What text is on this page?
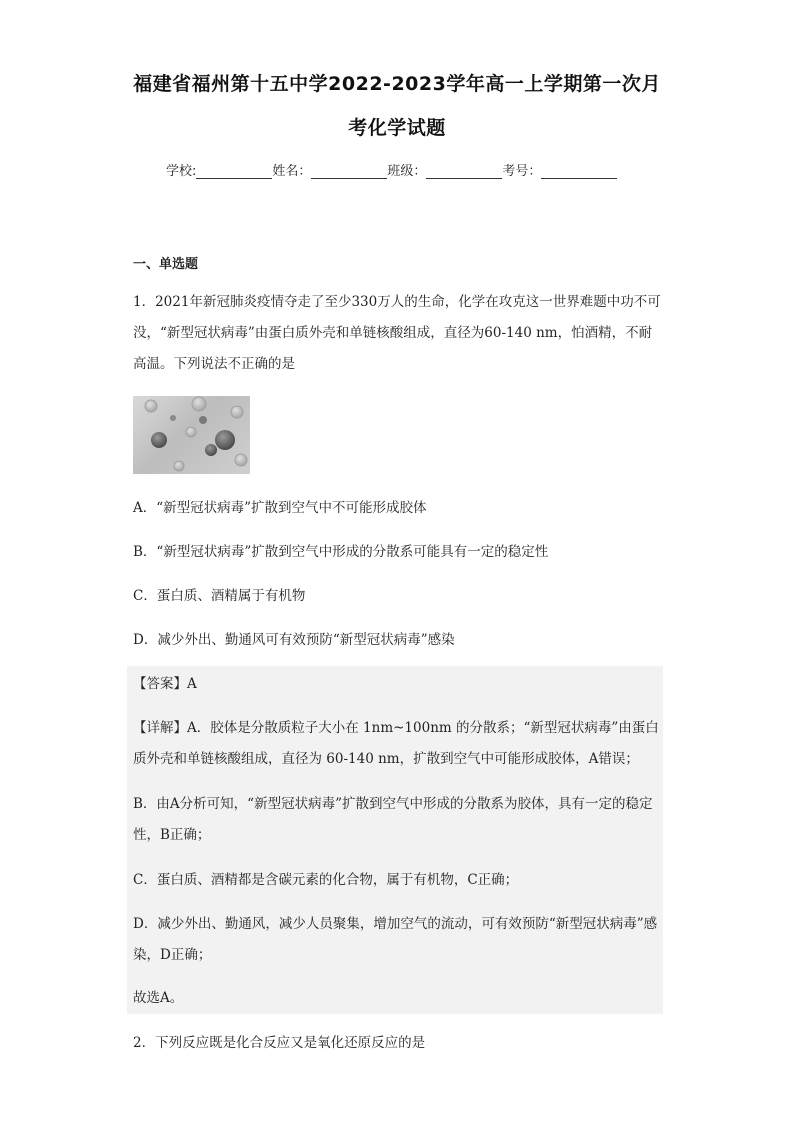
福建省福州第十五中学2022-2023学年高一上学期第一次月
考化学试题
学校:	姓名：	班级：	考号：
一、单选题
1．2021年新冠肺炎疫情夺走了至少330万人的生命，化学在攻克这一世界难题中功不可没，“新型冠状病毒”由蛋白质外壳和单链核酸组成，直径为60-140 nm，怕酒精，不耐高温。下列说法不正确的是
A．“新型冠状病毒”扩散到空气中不可能形成胶体
B．“新型冠状病毒”扩散到空气中形成的分散系可能具有一定的稳定性
C．蛋白质、酒精属于有机物
D．减少外出、勤通风可有效预防“新型冠状病毒”感染
【答案】A
【详解】A．胶体是分散质粒子大小在 1nm~100nm 的分散系；“新型冠状病毒”由蛋白质外壳和单链核酸组成，直径为 60-140 nm，扩散到空气中可能形成胶体，A错误；
B．由A分析可知，“新型冠状病毒”扩散到空气中形成的分散系为胶体，具有一定的稳定性，B正确；
C．蛋白质、酒精都是含碳元素的化合物，属于有机物，C正确；
D．减少外出、勤通风，减少人员聚集，增加空气的流动，可有效预防“新型冠状病毒”感染，D正确；
故选A。
2．下列反应既是化合反应又是氧化还原反应的是
